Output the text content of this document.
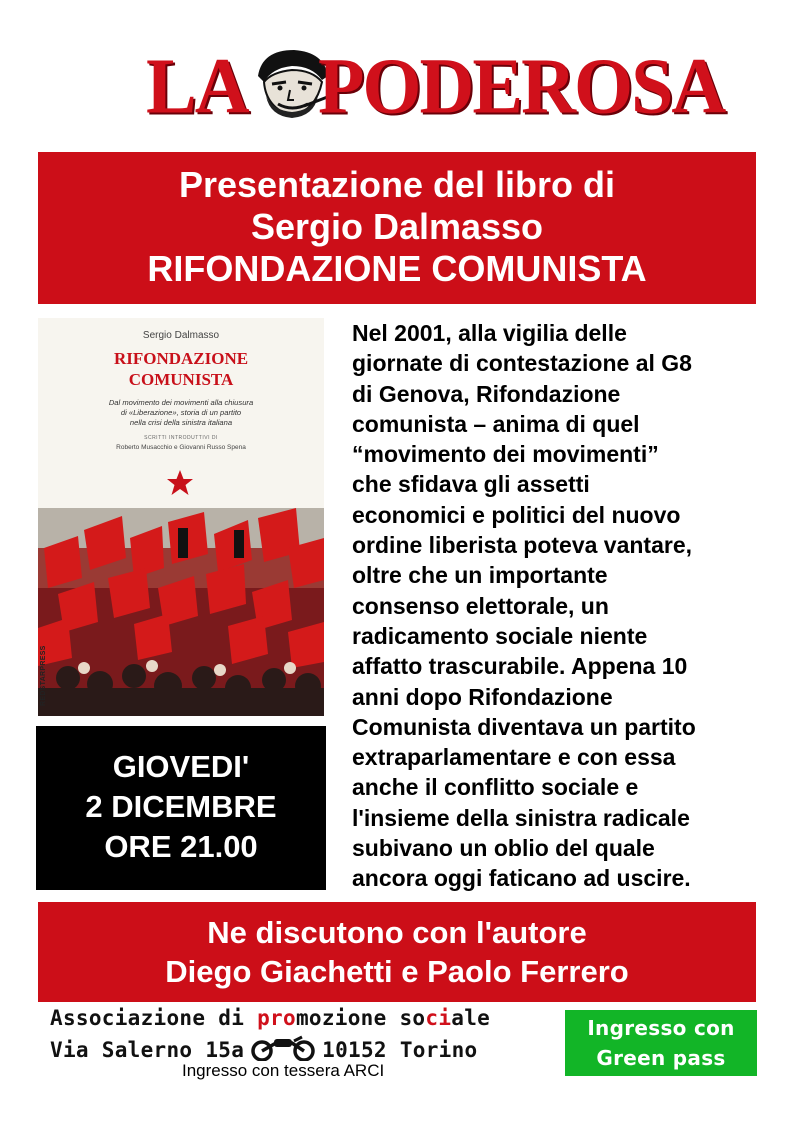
LA PODEROSA
Presentazione del libro di
Sergio Dalmasso
RIFONDAZIONE COMUNISTA
Sergio Dalmasso
RIFONDAZIONE
COMUNISTA
Dal movimento dei movimenti alla chiusura
di «Liberazione», storia di un partito
nella crisi della sinistra italiana
SCRITTI INTRODUTTIVI DI
Roberto Musacchio e Giovanni Russo Spena
REDSTARPRESS
Nel 2001, alla vigilia delle
giornate di contestazione al G8
di Genova, Rifondazione
comunista – anima di quel
“movimento dei movimenti”
che sfidava gli assetti
economici e politici del nuovo
ordine liberista poteva vantare,
oltre che un importante
consenso elettorale, un
radicamento sociale niente
affatto trascurabile. Appena 10
anni dopo Rifondazione
Comunista diventava un partito
extraparlamentare e con essa
anche il conflitto sociale e
l'insieme della sinistra radicale
subivano un oblio del quale
ancora oggi faticano ad uscire.
GIOVEDI'
2 DICEMBRE
ORE 21.00
Ne discutono con l'autore
Diego Giachetti e Paolo Ferrero
Associazione di promozione sociale
Via Salerno 15a	10152 Torino
Ingresso con tessera ARCI
Ingresso con
Green pass
